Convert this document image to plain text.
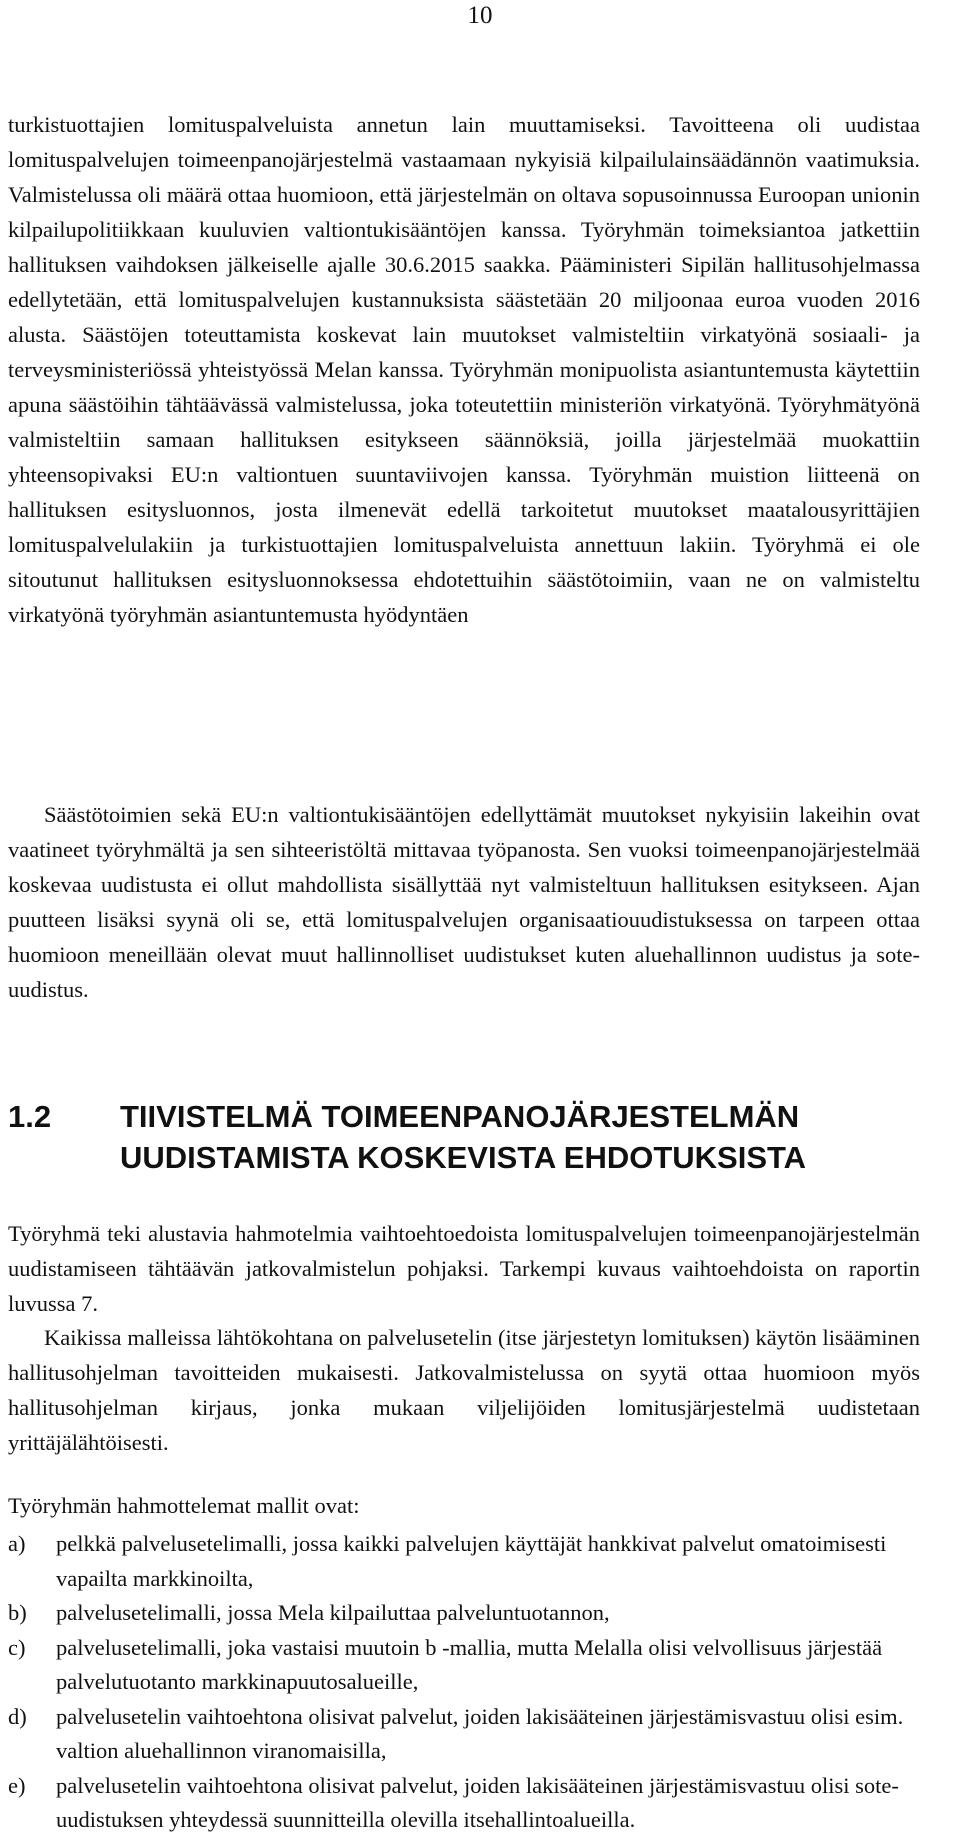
10

turkistuottajien lomituspalveluista annetun lain muuttamiseksi. Tavoitteena oli uudistaa lomituspalvelujen toimeenpanojärjestelmä vastaamaan nykyisiä kilpailulainsäädännön vaatimuksia. Valmistelussa oli määrä ottaa huomioon, että järjestelmän on oltava sopusoinnussa Euroopan unionin kilpailupolitiikkaan kuuluvien valtiontukisääntöjen kanssa. Työryhmän toimeksiantoa jatkettiin hallituksen vaihdoksen jälkeiselle ajalle 30.6.2015 saakka. Pääministeri Sipilän hallitusohjelmassa edellytetään, että lomituspalvelujen kustannuksista säästetään 20 miljoonaa euroa vuoden 2016 alusta. Säästöjen toteuttamista koskevat lain muutokset valmisteltiin virkatyönä sosiaali- ja terveysministeriössä yhteistyössä Melan kanssa. Työryhmän monipuolista asiantuntemusta käytettiin apuna säästöihin tähtäävässä valmistelussa, joka toteutettiin ministeriön virkatyönä. Työryhmätyönä valmisteltiin samaan hallituksen esitykseen säännöksiä, joilla järjestelmää muokattiin yhteensopivaksi EU:n valtiontuen suuntaviivojen kanssa. Työryhmän muistion liitteenä on hallituksen esitysluonnos, josta ilmenevät edellä tarkoitetut muutokset maatalousyrittäjien lomituspalvelulakiin ja turkistuottajien lomituspalveluista annettuun lakiin. Työryhmä ei ole sitoutunut hallituksen esitysluonnoksessa ehdotettuihin säästötoimiin, vaan ne on valmisteltu virkatyönä työryhmän asiantuntemusta hyödyntäen

Säästötoimien sekä EU:n valtiontukisääntöjen edellyttämät muutokset nykyisiin lakeihin ovat vaatineet työryhmältä ja sen sihteeristöltä mittavaa työpanosta. Sen vuoksi toimeenpanojärjestelmää koskevaa uudistusta ei ollut mahdollista sisällyttää nyt valmisteltuun hallituksen esitykseen. Ajan puutteen lisäksi syynä oli se, että lomituspalvelujen organisaatiouudistuksessa on tarpeen ottaa huomioon meneillään olevat muut hallinnolliset uudistukset kuten aluehallinnon uudistus ja sote-uudistus.

1.2 TIIVISTELMÄ TOIMEENPANOJÄRJESTELMÄN UUDISTAMISTA KOSKEVISTA EHDOTUKSISTA

Työryhmä teki alustavia hahmotelmia vaihtoehtoedoista lomituspalvelujen toimeenpanojärjestelmän uudistamiseen tähtäävän jatkovalmistelun pohjaksi. Tarkempi kuvaus vaihtoehdoista on raportin luvussa 7.

Kaikissa malleissa lähtökohtana on palvelusetelin (itse järjestetyn lomituksen) käytön lisääminen hallitusohjelman tavoitteiden mukaisesti. Jatkovalmistelussa on syytä ottaa huomioon myös hallitusohjelman kirjaus, jonka mukaan viljelijöiden lomitusjärjestelmä uudistetaan yrittäjälähtöisesti.

Työryhmän hahmottelemat mallit ovat:

a) pelkkä palvelusetelimalli, jossa kaikki palvelujen käyttäjät hankkivat palvelut omatoimisesti vapailta markkinoilta,
b) palvelusetelimalli, jossa Mela kilpailuttaa palveluntuotannon,
c) palvelusetelimalli, joka vastaisi muutoin b -mallia, mutta Melalla olisi velvollisuus järjestää palvelutuotanto markkinapuutosalueille,
d) palvelusetelin vaihtoehtona olisivat palvelut, joiden lakisääteinen järjestämisvastuu olisi esim. valtion aluehallinnon viranomaisilla,
e) palvelusetelin vaihtoehtona olisivat palvelut, joiden lakisääteinen järjestämisvastuu olisi sote-uudistuksen yhteydessä suunnitteilla olevilla itsehallintoalueilla.
